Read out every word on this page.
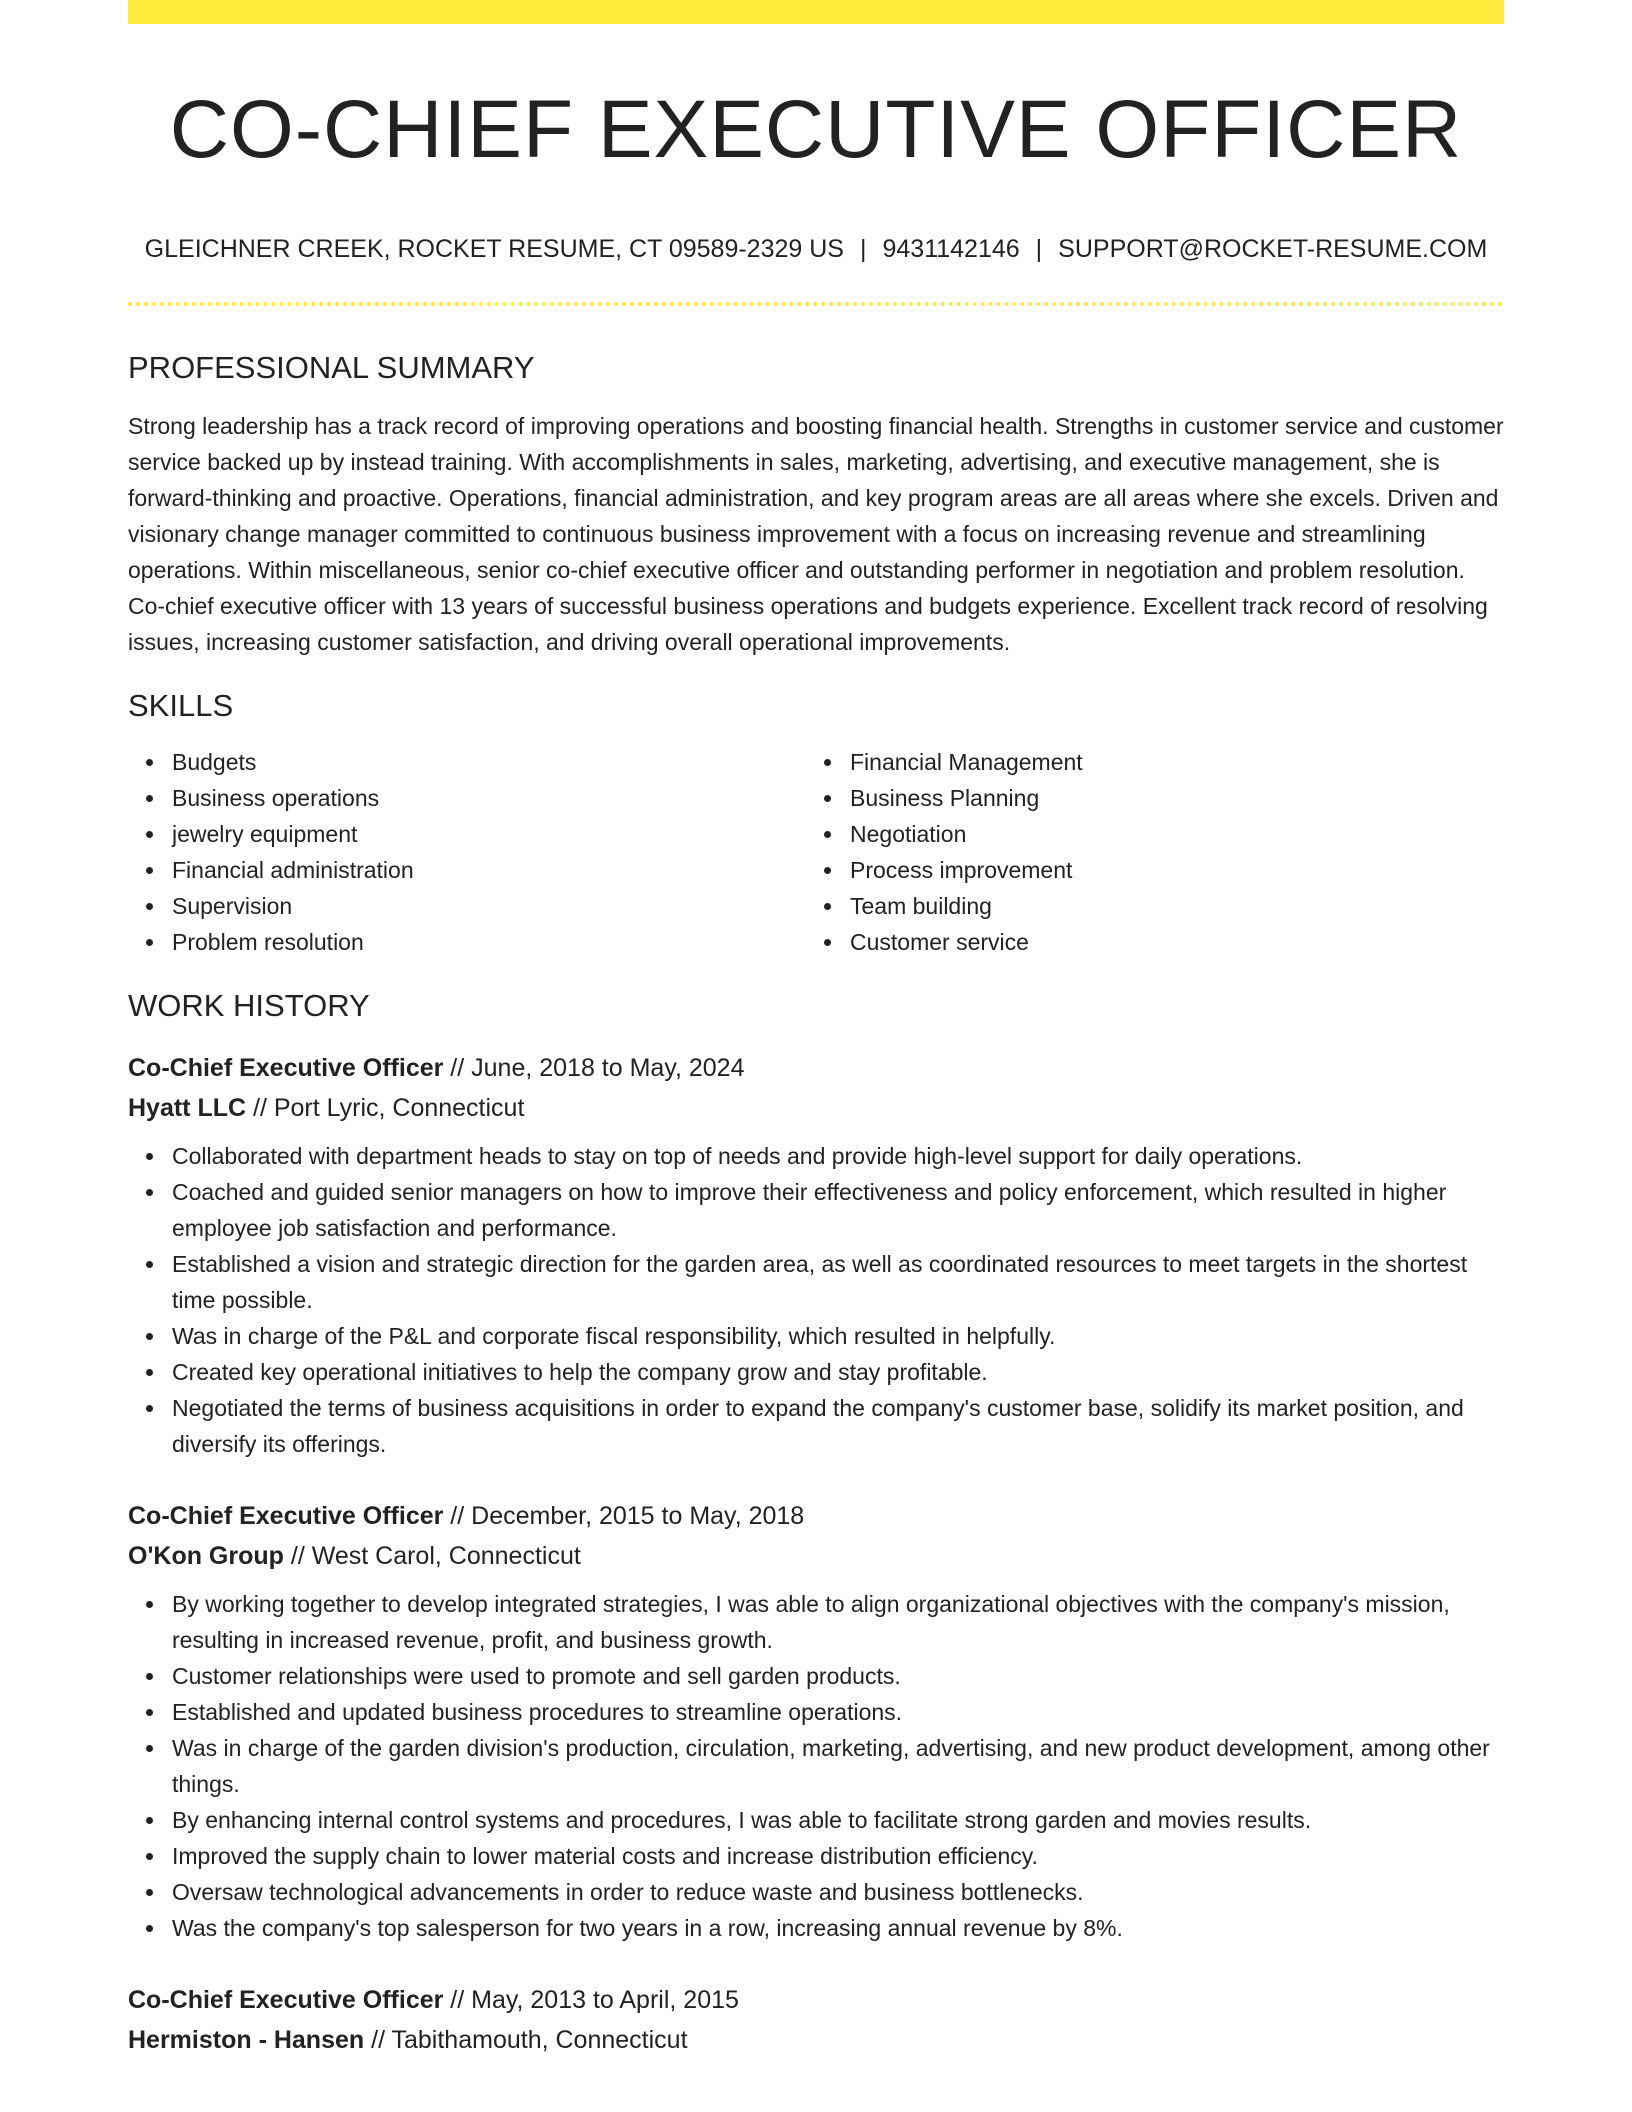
CO-CHIEF EXECUTIVE OFFICER
GLEICHNER CREEK, ROCKET RESUME, CT 09589-2329 US | 9431142146 | SUPPORT@ROCKET-RESUME.COM
PROFESSIONAL SUMMARY

Strong leadership has a track record of improving operations and boosting financial health. Strengths in customer service and customer service backed up by instead training. With accomplishments in sales, marketing, advertising, and executive management, she is forward-thinking and proactive. Operations, financial administration, and key program areas are all areas where she excels. Driven and visionary change manager committed to continuous business improvement with a focus on increasing revenue and streamlining operations. Within miscellaneous, senior co-chief executive officer and outstanding performer in negotiation and problem resolution. Co-chief executive officer with 13 years of successful business operations and budgets experience. Excellent track record of resolving issues, increasing customer satisfaction, and driving overall operational improvements.

SKILLS
Budgets
Business operations
jewelry equipment
Financial administration
Supervision
Problem resolution
Financial Management
Business Planning
Negotiation
Process improvement
Team building
Customer service
WORK HISTORY
Co-Chief Executive Officer // June, 2018 to May, 2024
Hyatt LLC // Port Lyric, Connecticut
Collaborated with department heads to stay on top of needs and provide high-level support for daily operations.
Coached and guided senior managers on how to improve their effectiveness and policy enforcement, which resulted in higher employee job satisfaction and performance.
Established a vision and strategic direction for the garden area, as well as coordinated resources to meet targets in the shortest time possible.
Was in charge of the P&L and corporate fiscal responsibility, which resulted in helpfully.
Created key operational initiatives to help the company grow and stay profitable.
Negotiated the terms of business acquisitions in order to expand the company's customer base, solidify its market position, and diversify its offerings.
Co-Chief Executive Officer // December, 2015 to May, 2018
O'Kon Group // West Carol, Connecticut
By working together to develop integrated strategies, I was able to align organizational objectives with the company's mission, resulting in increased revenue, profit, and business growth.
Customer relationships were used to promote and sell garden products.
Established and updated business procedures to streamline operations.
Was in charge of the garden division's production, circulation, marketing, advertising, and new product development, among other things.
By enhancing internal control systems and procedures, I was able to facilitate strong garden and movies results.
Improved the supply chain to lower material costs and increase distribution efficiency.
Oversaw technological advancements in order to reduce waste and business bottlenecks.
Was the company's top salesperson for two years in a row, increasing annual revenue by 8%.
Co-Chief Executive Officer // May, 2013 to April, 2015
Hermiston - Hansen // Tabithamouth, Connecticut
